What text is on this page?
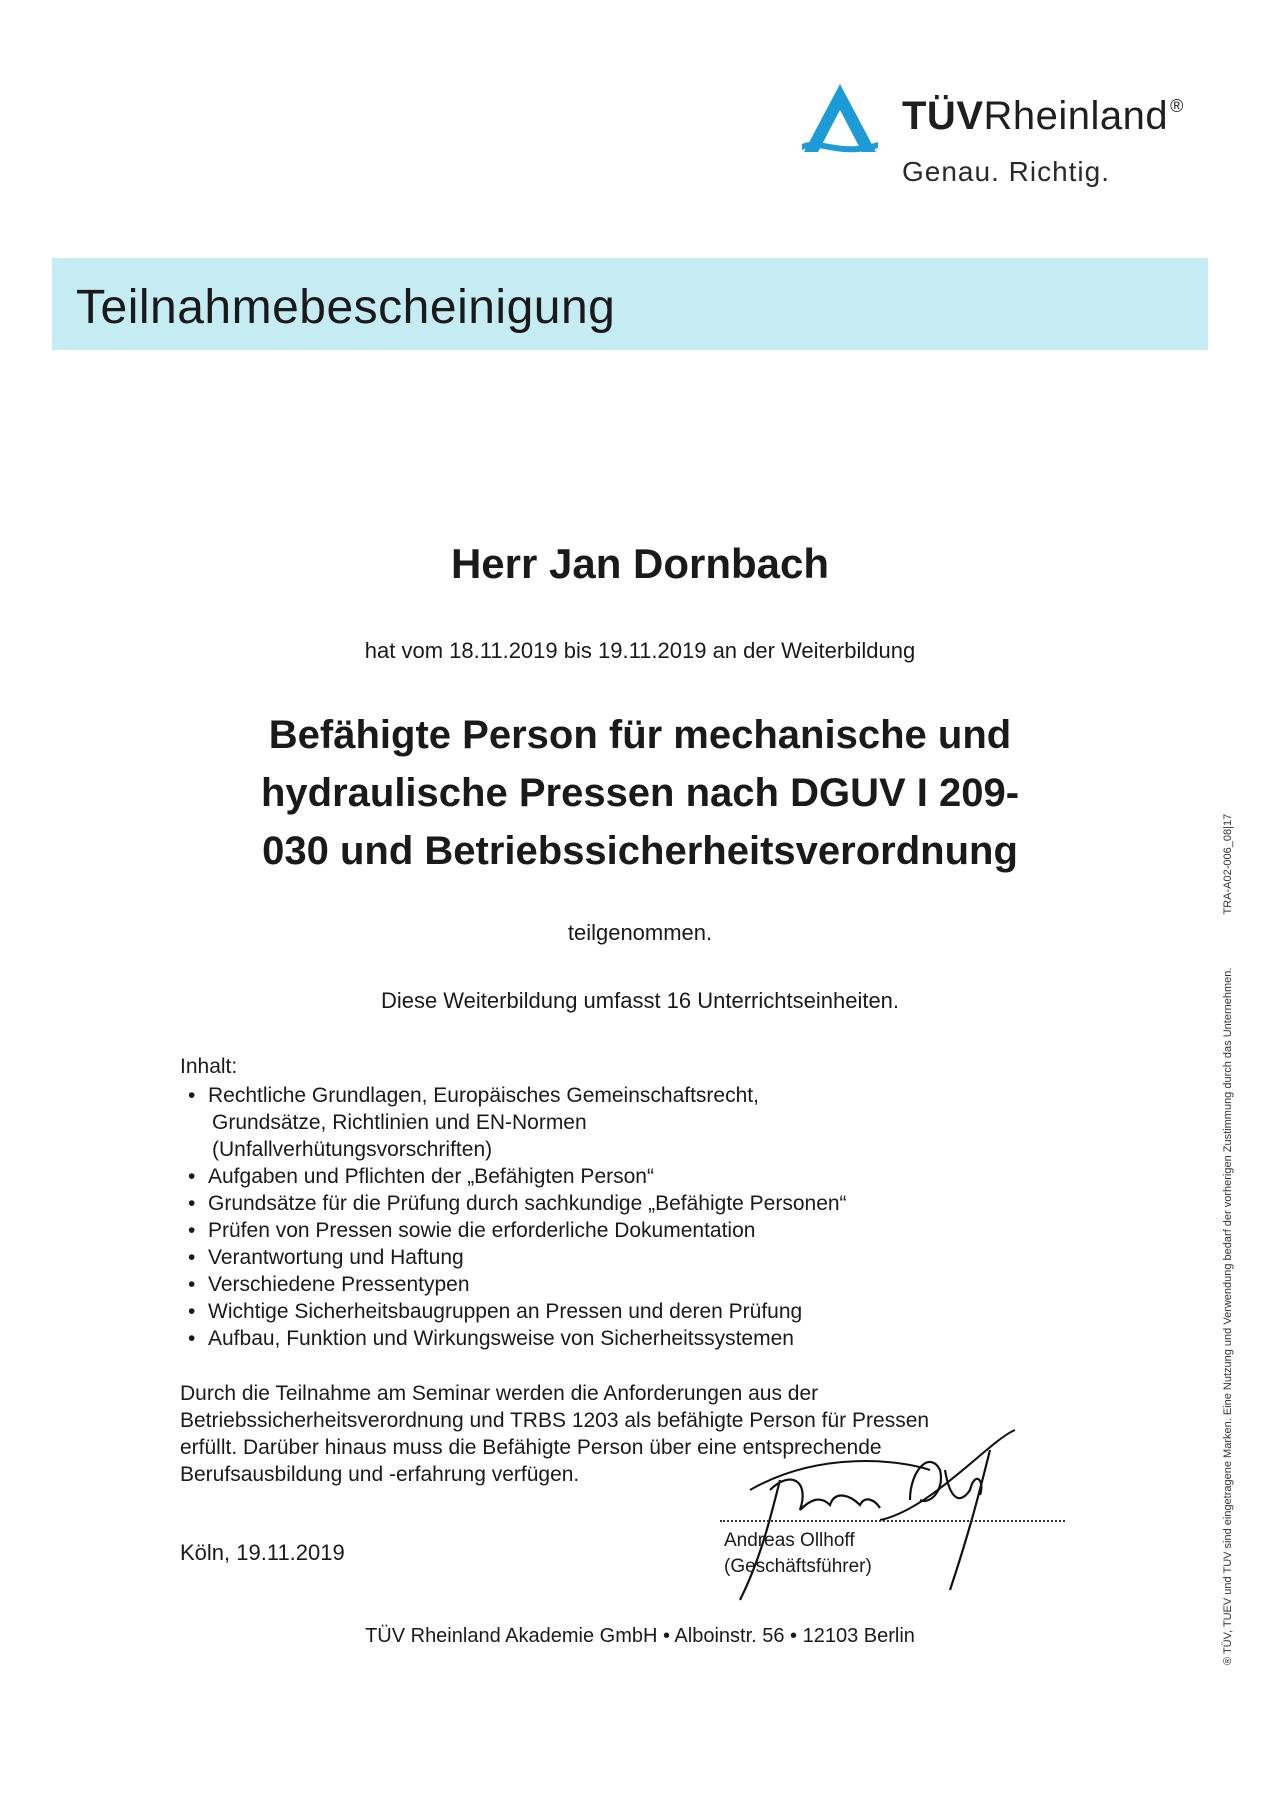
TÜVRheinland ®
Genau. Richtig.
Teilnahmebescheinigung
Herr Jan Dornbach
hat vom 18.11.2019 bis 19.11.2019 an der Weiterbildung
Befähigte Person für mechanische und
hydraulische Pressen nach DGUV I 209-
030 und Betriebssicherheitsverordnung
teilgenommen.
Diese Weiterbildung umfasst 16 Unterrichtseinheiten.
Inhalt:
• Rechtliche Grundlagen, Europäisches Gemeinschaftsrecht,
Grundsätze, Richtlinien und EN-Normen
(Unfallverhütungsvorschriften)
• Aufgaben und Pflichten der „Befähigten Person“
• Grundsätze für die Prüfung durch sachkundige „Befähigte Personen“
• Prüfen von Pressen sowie die erforderliche Dokumentation
• Verantwortung und Haftung
• Verschiedene Pressentypen
• Wichtige Sicherheitsbaugruppen an Pressen und deren Prüfung
• Aufbau, Funktion und Wirkungsweise von Sicherheitssystemen
Durch die Teilnahme am Seminar werden die Anforderungen aus der
Betriebssicherheitsverordnung und TRBS 1203 als befähigte Person für Pressen
erfüllt. Darüber hinaus muss die Befähigte Person über eine entsprechende
Berufsausbildung und -erfahrung verfügen.
Köln, 19.11.2019	Andreas Ollhoff
(Geschäftsführer)
TÜV Rheinland Akademie GmbH • Alboinstr. 56 • 12103 Berlin	® TÜV, TUEV und TUV sind eingetragene Marken. Eine Nutzung und Verwendung bedarf der vorherigen Zustimmung durch das Unternehmen. TRA-A02-006_08|17
